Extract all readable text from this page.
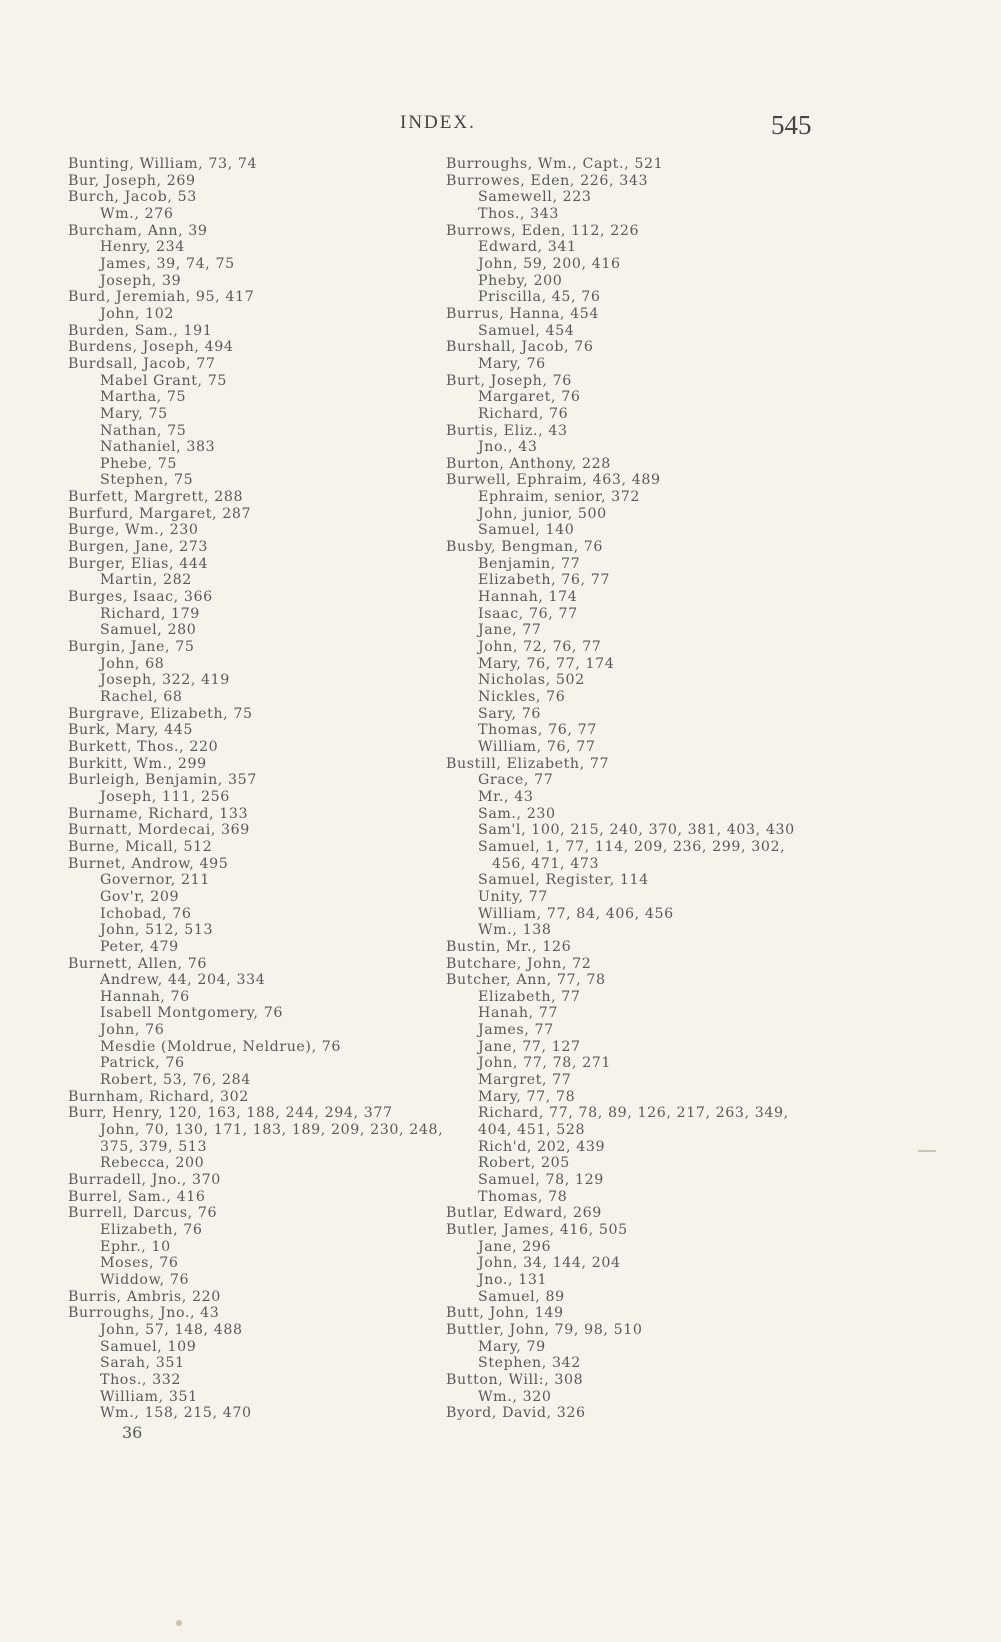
INDEX.	545
Bunting, William, 73, 74
Bur, Joseph, 269
Burch, Jacob, 53
Wm., 276
Burcham, Ann, 39
Henry, 234
James, 39, 74, 75
Joseph, 39
Burd, Jeremiah, 95, 417
John, 102
Burden, Sam., 191
Burdens, Joseph, 494
Burdsall, Jacob, 77
Mabel Grant, 75
Martha, 75
Mary, 75
Nathan, 75
Nathaniel, 383
Phebe, 75
Stephen, 75
Burfett, Margrett, 288
Burfurd, Margaret, 287
Burge, Wm., 230
Burgen, Jane, 273
Burger, Elias, 444
Martin, 282
Burges, Isaac, 366
Richard, 179
Samuel, 280
Burgin, Jane, 75
John, 68
Joseph, 322, 419
Rachel, 68
Burgrave, Elizabeth, 75
Burk, Mary, 445
Burkett, Thos., 220
Burkitt, Wm., 299
Burleigh, Benjamin, 357
Joseph, 111, 256
Burname, Richard, 133
Burnatt, Mordecai, 369
Burne, Micall, 512
Burnet, Androw, 495
Governor, 211
Gov'r, 209
Ichobad, 76
John, 512, 513
Peter, 479
Burnett, Allen, 76
Andrew, 44, 204, 334
Hannah, 76
Isabell Montgomery, 76
John, 76
Mesdie (Moldrue, Neldrue), 76
Patrick, 76
Robert, 53, 76, 284
Burnham, Richard, 302
Burr, Henry, 120, 163, 188, 244, 294, 377
John, 70, 130, 171, 183, 189, 209, 230, 248,
375, 379, 513
Rebecca, 200
Burradell, Jno., 370
Burrel, Sam., 416
Burrell, Darcus, 76
Elizabeth, 76
Ephr., 10
Moses, 76
Widdow, 76
Burris, Ambris, 220
Burroughs, Jno., 43
John, 57, 148, 488
Samuel, 109
Sarah, 351
Thos., 332
William, 351
Wm., 158, 215, 470
Burroughs, Wm., Capt., 521
Burrowes, Eden, 226, 343
Samewell, 223
Thos., 343
Burrows, Eden, 112, 226
Edward, 341
John, 59, 200, 416
Pheby, 200
Priscilla, 45, 76
Burrus, Hanna, 454
Samuel, 454
Burshall, Jacob, 76
Mary, 76
Burt, Joseph, 76
Margaret, 76
Richard, 76
Burtis, Eliz., 43
Jno., 43
Burton, Anthony, 228
Burwell, Ephraim, 463, 489
Ephraim, senior, 372
John, junior, 500
Samuel, 140
Busby, Bengman, 76
Benjamin, 77
Elizabeth, 76, 77
Hannah, 174
Isaac, 76, 77
Jane, 77
John, 72, 76, 77
Mary, 76, 77, 174
Nicholas, 502
Nickles, 76
Sary, 76
Thomas, 76, 77
William, 76, 77
Bustill, Elizabeth, 77
Grace, 77
Mr., 43
Sam., 230
Sam'l, 100, 215, 240, 370, 381, 403, 430
Samuel, 1, 77, 114, 209, 236, 299, 302,
456, 471, 473
Samuel, Register, 114
Unity, 77
William, 77, 84, 406, 456
Wm., 138
Bustin, Mr., 126
Butchare, John, 72
Butcher, Ann, 77, 78
Elizabeth, 77
Hanah, 77
James, 77
Jane, 77, 127
John, 77, 78, 271
Margret, 77
Mary, 77, 78
Richard, 77, 78, 89, 126, 217, 263, 349,
404, 451, 528
Rich'd, 202, 439
Robert, 205
Samuel, 78, 129
Thomas, 78
Butlar, Edward, 269
Butler, James, 416, 505
Jane, 296
John, 34, 144, 204
Jno., 131
Samuel, 89
Butt, John, 149
Buttler, John, 79, 98, 510
Mary, 79
Stephen, 342
Button, Will:, 308
Wm., 320
Byord, David, 326
36
